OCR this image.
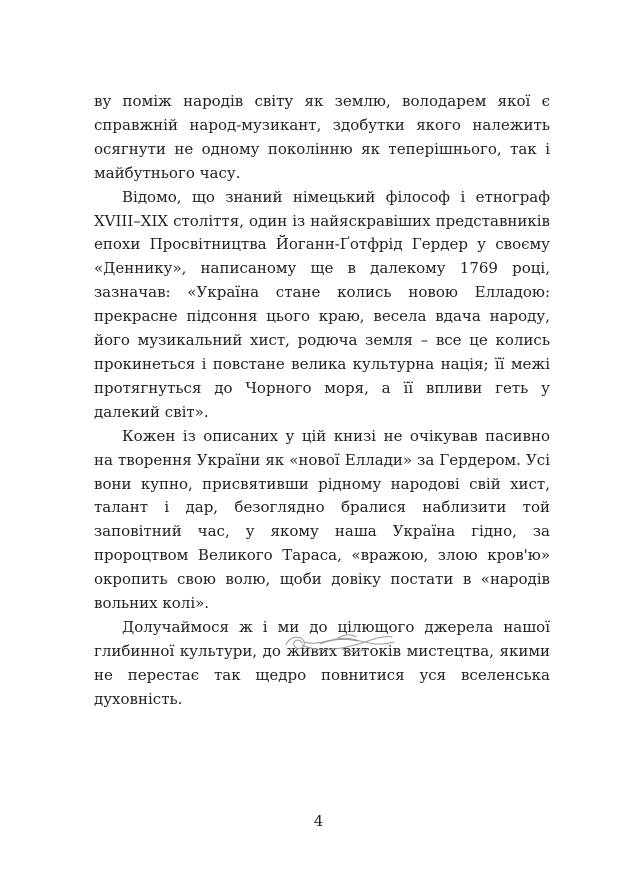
ву поміж народів світу як землю, володарем якої є справжній народ-музикант, здобутки якого належить осягнути не одному поколінню як теперішнього, так і майбутнього часу.

Відомо, що знаний німецький філософ і етнограф XVIII–XIX століття, один із найяскравіших представників епохи Просвітництва Йоганн-Ґотфрід Гердер у своєму «Деннику», написаному ще в далекому 1769 році, зазначав: «Україна стане колись новою Елладою: прекрасне підсоння цього краю, весела вдача народу, його музикальний хист, родюча земля – все це колись прокинеться і повстане велика культурна нація; її межі протягнуться до Чорного моря, а її впливи геть у далекий світ».

Кожен із описаних у цій книзі не очікував пасивно на творення України як «нової Еллади» за Гердером. Усі вони купно, присвятивши рідному народові свій хист, талант і дар, безоглядно бралися наблизити той заповітний час, у якому наша Україна гідно, за пророцтвом Великого Тараса, «вражою, злою кров'ю» окропить свою волю, щоби довіку постати в «народів вольних колі».

Долучаймося ж і ми до цілющого джерела нашої глибинної культури, до живих витоків мистецтва, якими не перестає так щедро повнитися уся вселенська духовність.

4
